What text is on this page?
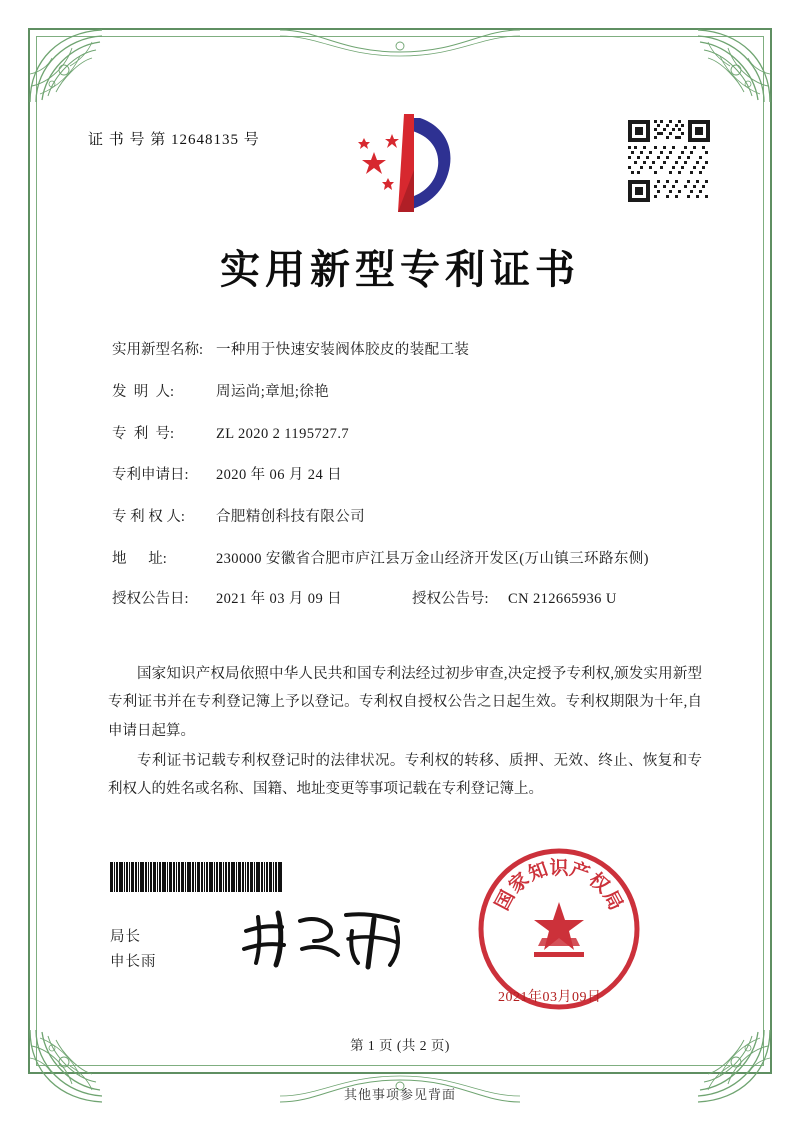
证 书 号 第 12648135 号
实用新型专利证书
实用新型名称: 一种用于快速安装阀体胶皮的装配工装
发  明  人:	周运尚;章旭;徐艳
专  利  号:	ZL 2020 2 1195727.7
专利申请日:	2020 年 06 月 24 日
专 利 权 人:	合肥精创科技有限公司
地      址:	230000 安徽省合肥市庐江县万金山经济开发区(万山镇三环路东侧)
授权公告日:	2021 年 03 月 09 日	授权公告号:	CN 212665936 U

国家知识产权局依照中华人民共和国专利法经过初步审查,决定授予专利权,颁发实用新型专利证书并在专利登记簿上予以登记。专利权自授权公告之日起生效。专利权期限为十年,自申请日起算。

专利证书记载专利权登记时的法律状况。专利权的转移、质押、无效、终止、恢复和专利权人的姓名或名称、国籍、地址变更等事项记载在专利登记簿上。

局长
申长雨
国
家
知
识
产
权
局
2021年03月09日
第 1 页 (共 2 页)
其他事项参见背面
